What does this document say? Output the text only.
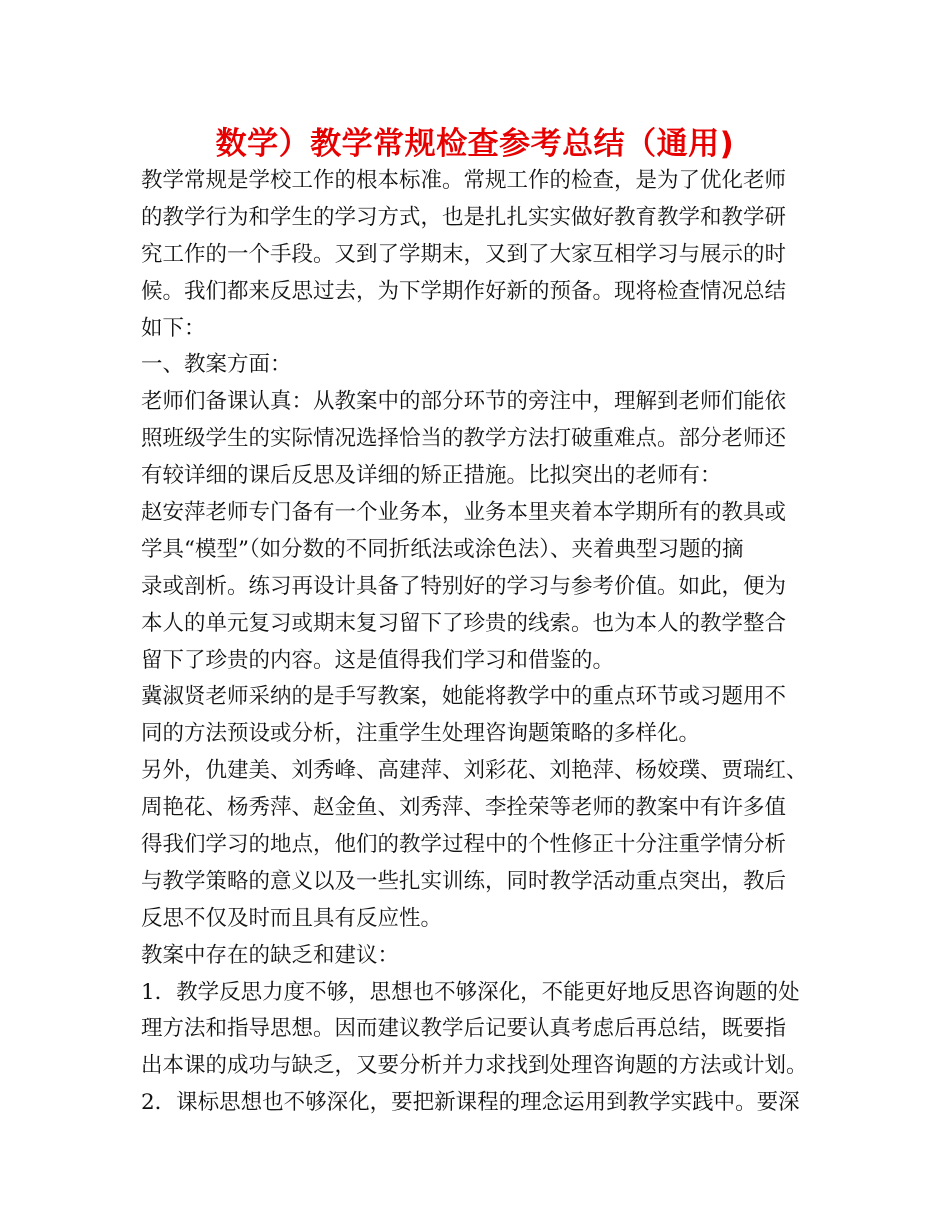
数学）教学常规检查参考总结（通用)
教学常规是学校工作的根本标准。常规工作的检查，是为了优化老师
的教学行为和学生的学习方式，也是扎扎实实做好教育教学和教学研
究工作的一个手段。又到了学期末，又到了大家互相学习与展示的时
候。我们都来反思过去，为下学期作好新的预备。现将检查情况总结
如下：
一、教案方面：
老师们备课认真：从教案中的部分环节的旁注中，理解到老师们能依
照班级学生的实际情况选择恰当的教学方法打破重难点。部分老师还
有较详细的课后反思及详细的矫正措施。比拟突出的老师有：
赵安萍老师专门备有一个业务本，业务本里夹着本学期所有的教具或
学具“模型”（如分数的不同折纸法或涂色法）、夹着典型习题的摘
录或剖析。练习再设计具备了特别好的学习与参考价值。如此，便为
本人的单元复习或期末复习留下了珍贵的线索。也为本人的教学整合
留下了珍贵的内容。这是值得我们学习和借鉴的。
冀淑贤老师采纳的是手写教案，她能将教学中的重点环节或习题用不
同的方法预设或分析，注重学生处理咨询题策略的多样化。
另外，仇建美、刘秀峰、高建萍、刘彩花、刘艳萍、杨姣璞、贾瑞红、
周艳花、杨秀萍、赵金鱼、刘秀萍、李拴荣等老师的教案中有许多值
得我们学习的地点，他们的教学过程中的个性修正十分注重学情分析
与教学策略的意义以及一些扎实训练，同时教学活动重点突出，教后
反思不仅及时而且具有反应性。
教案中存在的缺乏和建议：
1．教学反思力度不够，思想也不够深化，不能更好地反思咨询题的处
理方法和指导思想。因而建议教学后记要认真考虑后再总结，既要指
出本课的成功与缺乏，又要分析并力求找到处理咨询题的方法或计划。
2．课标思想也不够深化，要把新课程的理念运用到教学实践中。要深
